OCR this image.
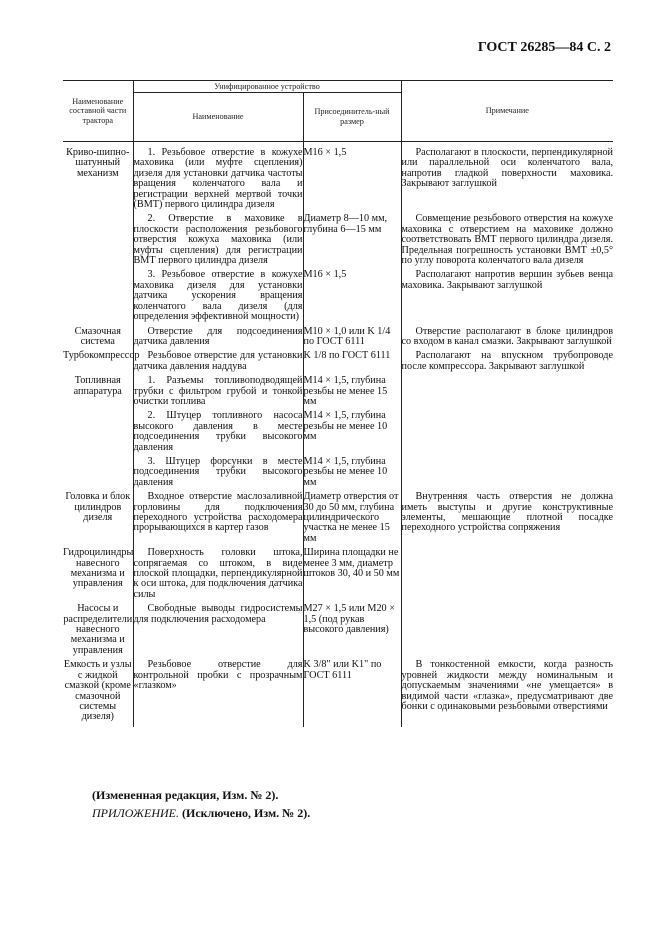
ГОСТ 26285—84 С. 2
Наименование составной части трактора	Унифицированное устройство		Примечание
	Наименование	Присоединитель-ный размер	

Криво-шипно-шатунный механизм	1. Резьбовое отверстие в кожухе маховика (или муфте сцепления) дизеля для установки датчика частоты вращения коленчатого вала и регистрации верхней мертвой точки (ВМТ) первого цилиндра дизеля	М16 × 1,5	Располагают в плоскости, перпендикулярной или параллельной оси коленчатого вала, напротив гладкой поверхности маховика. Закрывают заглушкой

	2. Отверстие в маховике в плоскости расположения резьбового отверстия кожуха маховика (или муфты сцепления) для регистрации ВМТ первого цилиндра дизеля	Диаметр 8—10 мм, глубина 6—15 мм	Совмещение резьбового отверстия на кожухе маховика с отверстием на маховике должно соответствовать ВМТ первого цилиндра дизеля. Предельная погрешность установки ВМТ ±0,5° по углу поворота коленчатого вала дизеля

	3. Резьбовое отверстие в кожухе маховика дизеля для установки датчика ускорения вращения коленчатого вала дизеля (для определения эффективной мощности)	М16 × 1,5	Располагают напротив вершин зубьев венца маховика. Закрывают заглушкой

Смазочная система	Отверстие для подсоединения датчика давления	М10 × 1,0 или K 1/4 по ГОСТ 6111	Отверстие располагают в блоке цилиндров со входом в канал смазки. Закрывают заглушкой

Турбокомпрессор	Резьбовое отверстие для установки датчика давления наддува	K 1/8 по ГОСТ 6111	Располагают на впускном трубопроводе после компрессора. Закрывают заглушкой

Топливная аппаратура	1. Разъемы топливоподводящей трубки с фильтром грубой и тонкой очистки топлива	М14 × 1,5, глубина резьбы не менее 15 мм	

	2. Штуцер топливного насоса высокого давления в месте подсоединения трубки высокого давления	М14 × 1,5, глубина резьбы не менее 10 мм	

	3. Штуцер форсунки в месте подсоединения трубки высокого давления	М14 × 1,5, глубина резьбы не менее 10 мм	

Головка и блок цилиндров дизеля	Входное отверстие маслозаливной горловины для подключения переходного устройства расходомера прорывающихся в картер газов	Диаметр отверстия от 30 до 50 мм, глубина цилиндрического участка не менее 15 мм	Внутренняя часть отверстия не должна иметь выступы и другие конструктивные элементы, мешающие плотной посадке переходного устройства сопряжения

Гидроцилиндры навесного механизма и управления	Поверхность головки штока, сопрягаемая со штоком, в виде плоской площадки, перпендикулярной к оси штока, для подключения датчика силы	Ширина площадки не менее 3 мм, диаметр штоков 30, 40 и 50 мм	

Насосы и распределители навесного механизма и управления	Свободные выводы гидросистемы для подключения расходомера	М27 × 1,5 или М20 × 1,5 (под рукав высокого давления)	

Емкость и узлы с жидкой смазкой (кроме смазочной системы дизеля)	Резьбовое отверстие для контрольной пробки с прозрачным «глазком»	K 3/8" или K1" по ГОСТ 6111	В тонкостенной емкости, когда разность уровней жидкости между номинальным и допускаемым значениями «не умещается» в видимой части «глазка», предусматривают две бонки с одинаковыми резьбовыми отверстиями
(Измененная редакция, Изм. № 2).
ПРИЛОЖЕНИЕ. (Исключено, Изм. № 2).
